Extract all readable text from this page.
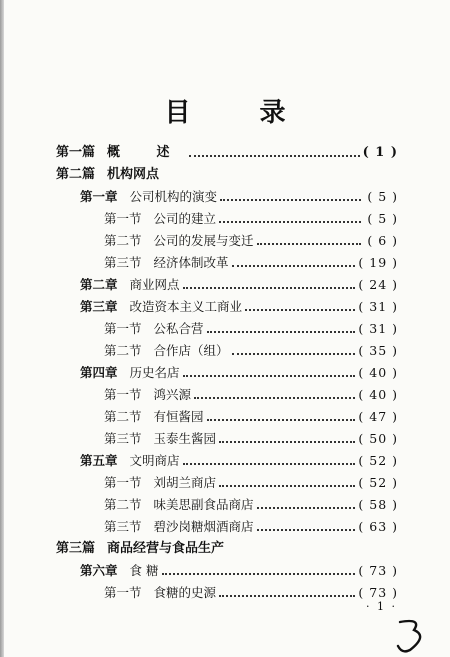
目 录
第一篇 概 述	( 1 )
第二篇 机构网点
第一章 公司机构的演变	( 5 )
第一节 公司的建立	( 5 )
第二节 公司的发展与变迁	( 6 )
第三节 经济体制改革	( 19 )
第二章 商业网点	( 24 )
第三章 改造资本主义工商业	( 31 )
第一节 公私合营	( 31 )
第二节 合作店（组）	( 35 )
第四章 历史名店	( 40 )
第一节 鸿兴源	( 40 )
第二节 有恒酱园	( 47 )
第三节 玉泰生酱园	( 50 )
第五章 文明商店	( 52 )
第一节 刘胡兰商店	( 52 )
第二节 味美思副食品商店	( 58 )
第三节 碧沙岗糖烟酒商店	( 63 )
第三篇 商品经营与食品生产
第六章 食 糖	( 73 )
第一节 食糖的史源	( 73 )
· 1 ·
